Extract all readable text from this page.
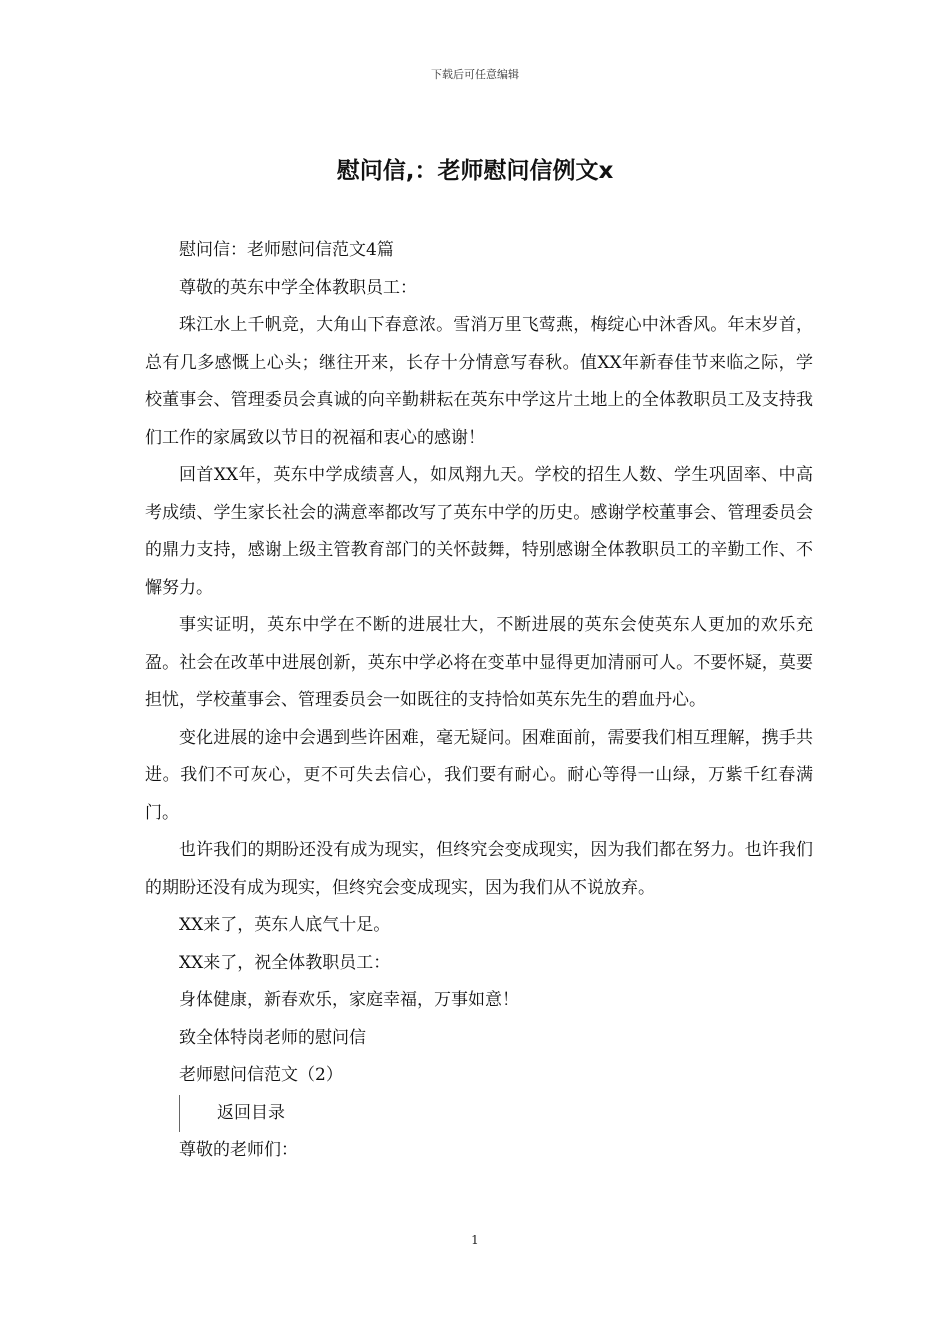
下载后可任意编辑
慰问信,：老师慰问信例文x

慰问信：老师慰问信范文4篇

尊敬的英东中学全体教职员工：

珠江水上千帆竞，大角山下春意浓。雪消万里飞莺燕，梅绽心中沐香风。年末岁首，总有几多感慨上心头；继往开来，长存十分情意写春秋。值XX年新春佳节来临之际，学校董事会、管理委员会真诚的向辛勤耕耘在英东中学这片土地上的全体教职员工及支持我们工作的家属致以节日的祝福和衷心的感谢！

回首XX年，英东中学成绩喜人，如凤翔九天。学校的招生人数、学生巩固率、中高考成绩、学生家长社会的满意率都改写了英东中学的历史。感谢学校董事会、管理委员会的鼎力支持，感谢上级主管教育部门的关怀鼓舞，特别感谢全体教职员工的辛勤工作、不懈努力。

事实证明，英东中学在不断的进展壮大，不断进展的英东会使英东人更加的欢乐充盈。社会在改革中进展创新，英东中学必将在变革中显得更加清丽可人。不要怀疑，莫要担忧，学校董事会、管理委员会一如既往的支持恰如英东先生的碧血丹心。

变化进展的途中会遇到些许困难，毫无疑问。困难面前，需要我们相互理解，携手共进。我们不可灰心，更不可失去信心，我们要有耐心。耐心等得一山绿，万紫千红春满门。

也许我们的期盼还没有成为现实，但终究会变成现实，因为我们都在努力。也许我们的期盼还没有成为现实，但终究会变成现实，因为我们从不说放弃。

XX来了，英东人底气十足。

XX来了，祝全体教职员工：

身体健康，新春欢乐，家庭幸福，万事如意！

致全体特岗老师的慰问信

老师慰问信范文（2）

返回目录

尊敬的老师们：

1
